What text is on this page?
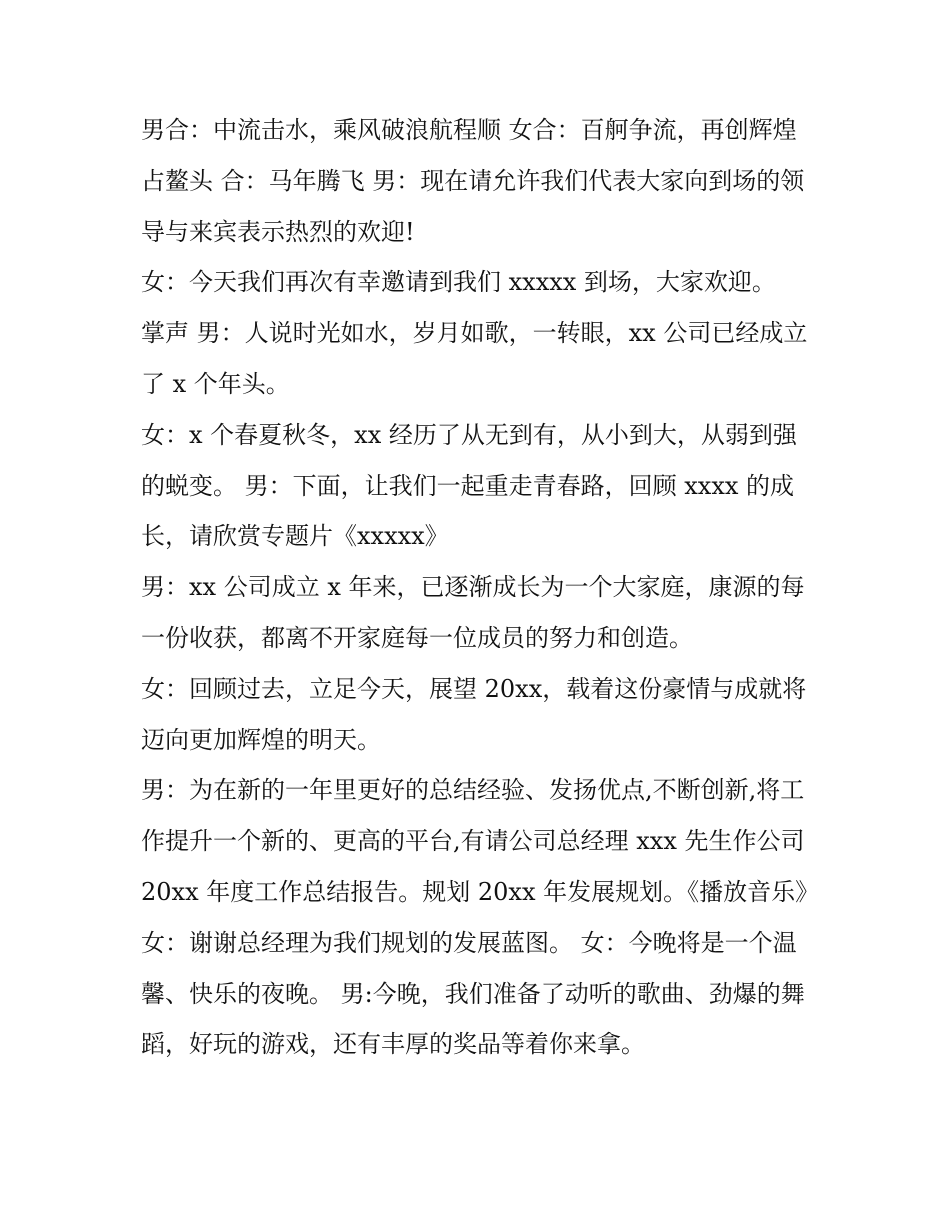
男合：中流击水，乘风破浪航程顺 女合：百舸争流，再创辉煌占鳌头 合：马年腾飞 男：现在请允许我们代表大家向到场的领导与来宾表示热烈的欢迎!

女：今天我们再次有幸邀请到我们 xxxxx 到场，大家欢迎。

掌声 男：人说时光如水，岁月如歌，一转眼，xx 公司已经成立了 x 个年头。

女：x 个春夏秋冬，xx 经历了从无到有，从小到大，从弱到强的蜕变。 男：下面，让我们一起重走青春路，回顾 xxxx 的成长，请欣赏专题片《xxxxx》

男：xx 公司成立 x 年来，已逐渐成长为一个大家庭，康源的每一份收获，都离不开家庭每一位成员的努力和创造。

女：回顾过去，立足今天，展望 20xx，载着这份豪情与成就将迈向更加辉煌的明天。

男：为在新的一年里更好的总结经验、发扬优点,不断创新,将工作提升一个新的、更高的平台,有请公司总经理 xxx 先生作公司 20xx 年度工作总结报告。规划 20xx 年发展规划。《播放音乐》

女：谢谢总经理为我们规划的发展蓝图。 女：今晚将是一个温馨、快乐的夜晚。 男:今晚，我们准备了动听的歌曲、劲爆的舞蹈，好玩的游戏，还有丰厚的奖品等着你来拿。
